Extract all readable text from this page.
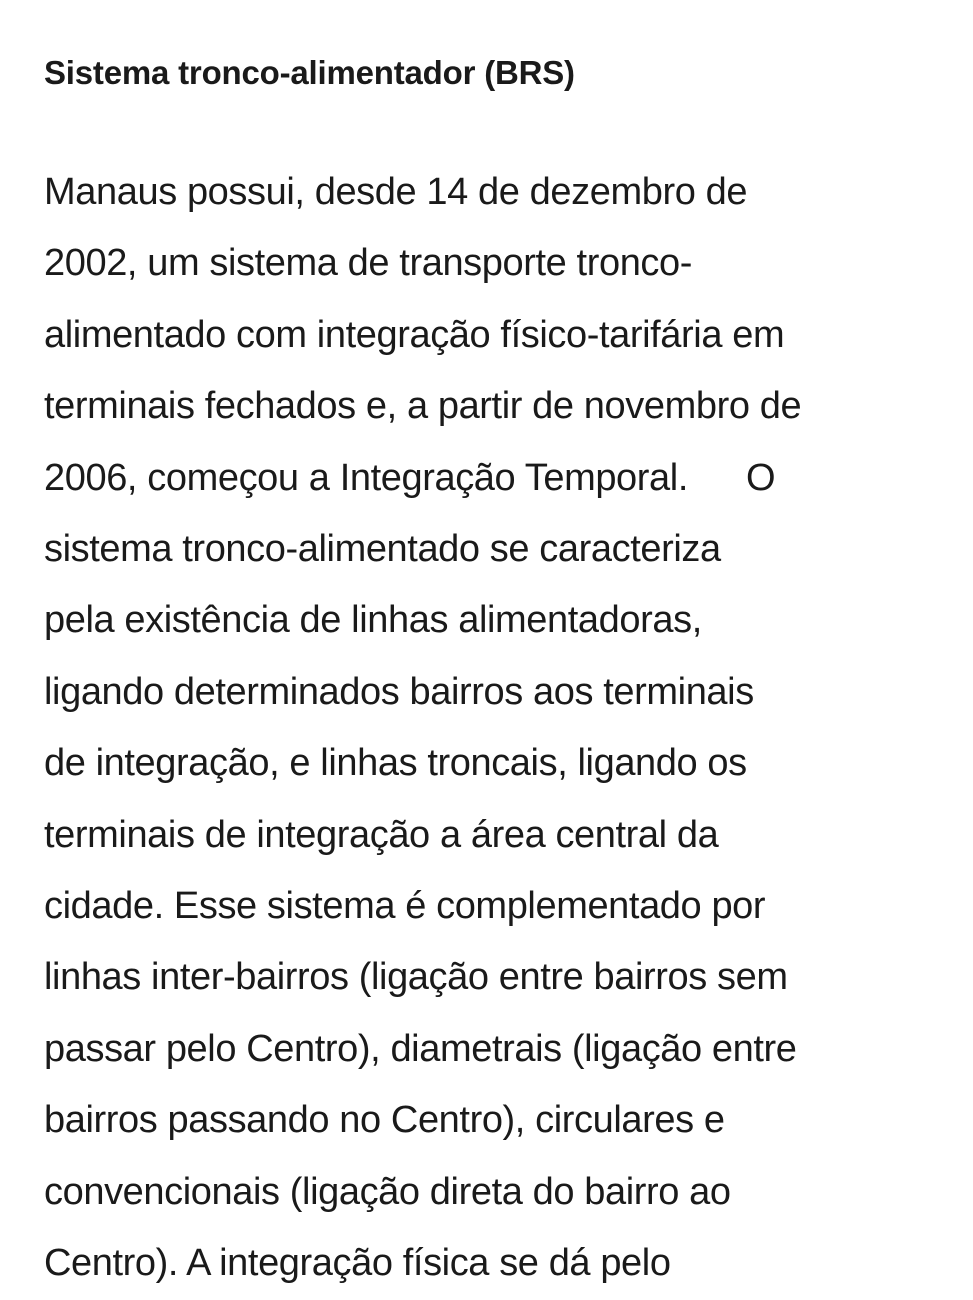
Sistema tronco-alimentador (BRS)

Manaus possui, desde 14 de dezembro de
2002, um sistema de transporte tronco-
alimentado com integração físico-tarifária em
terminais fechados e, a partir de novembro de
2006, começou a Integração Temporal. O
sistema tronco-alimentado se caracteriza
pela existência de linhas alimentadoras,
ligando determinados bairros aos terminais
de integração, e linhas troncais, ligando os
terminais de integração a área central da
cidade. Esse sistema é complementado por
linhas inter-bairros (ligação entre bairros sem
passar pelo Centro), diametrais (ligação entre
bairros passando no Centro), circulares e
convencionais (ligação direta do bairro ao
Centro). A integração física se dá pelo
